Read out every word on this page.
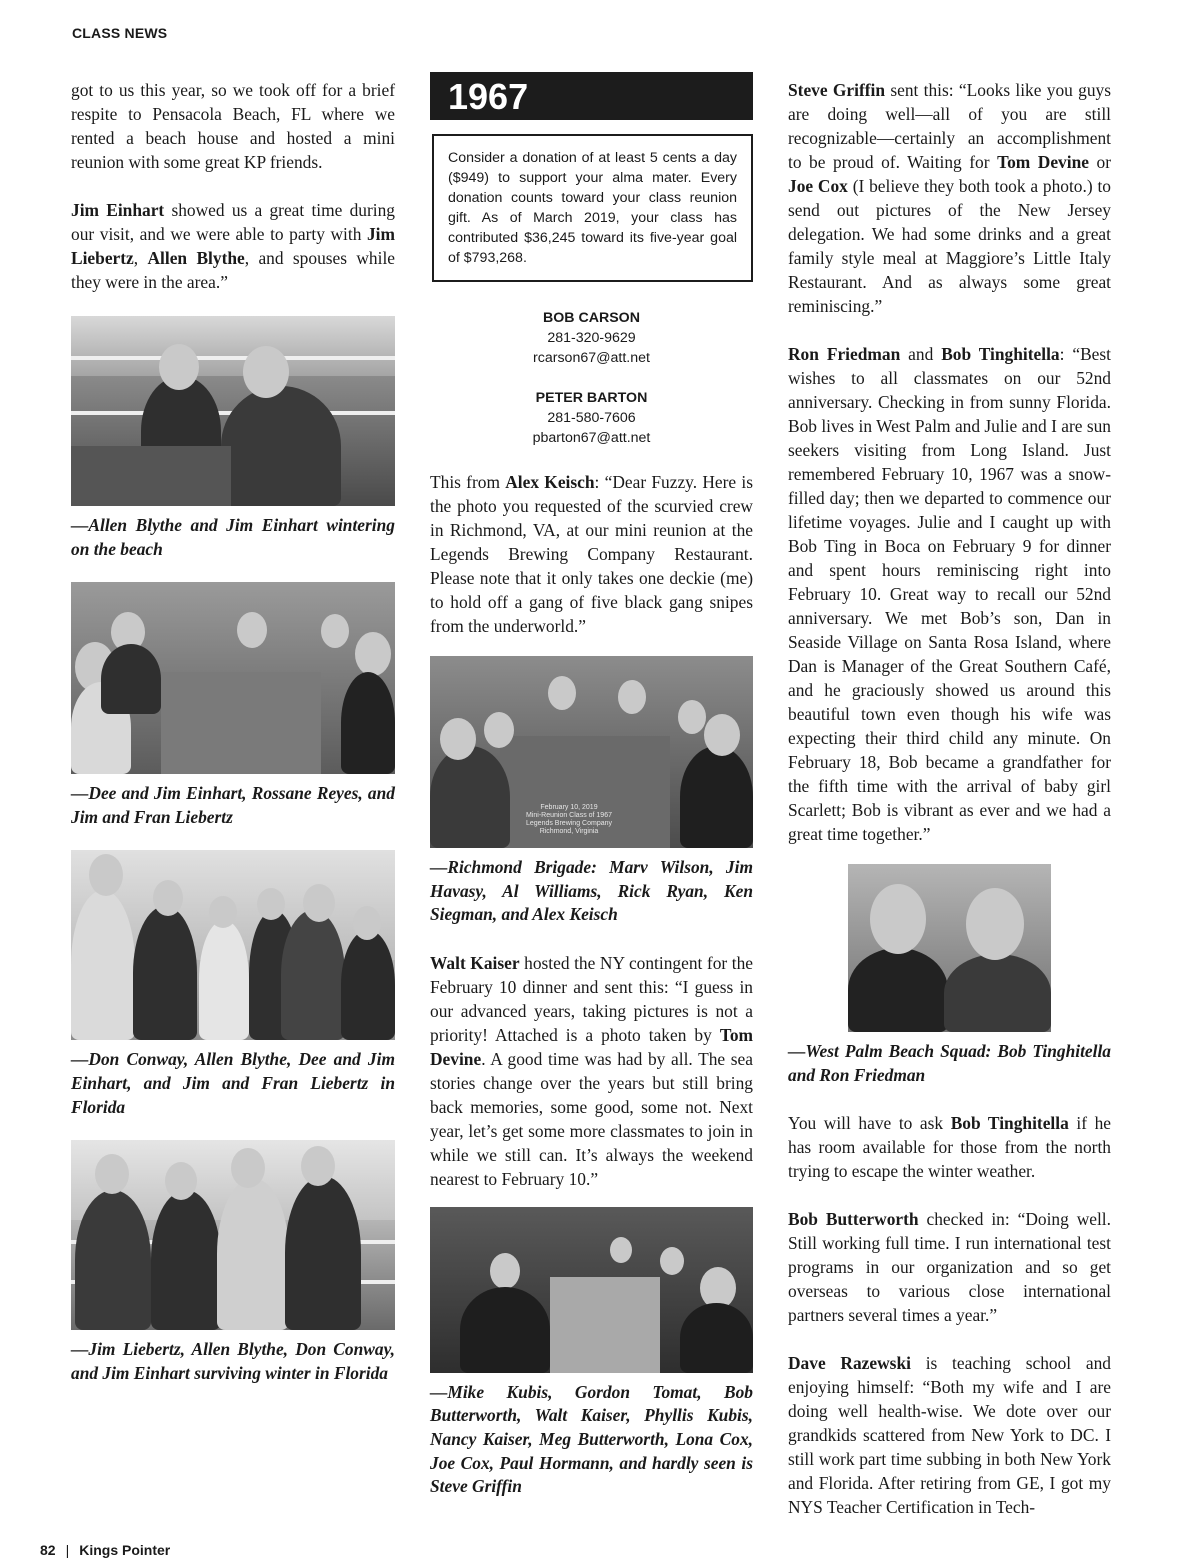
CLASS NEWS

got to us this year, so we took off for a brief respite to Pensacola Beach, FL where we rented a beach house and hosted a mini reunion with some great KP friends.

Jim Einhart showed us a great time during our visit, and we were able to party with Jim Liebertz, Allen Blythe, and spouses while they were in the area.”

—Allen Blythe and Jim Einhart wintering on the beach

—Dee and Jim Einhart, Rossane Reyes, and Jim and Fran Liebertz

—Don Conway, Allen Blythe, Dee and Jim Einhart, and Jim and Fran Liebertz in Florida

—Jim Liebertz, Allen Blythe, Don Conway, and Jim Einhart surviving winter in Florida

1967
Consider a donation of at least 5 cents a day ($949) to support your alma mater. Every donation counts toward your class reunion gift. As of March 2019, your class has contributed $36,245 toward its five-year goal of $793,268.
BOB CARSON
281-320-9629
rcarson67@att.net
PETER BARTON
281-580-7606
pbarton67@att.net

This from Alex Keisch: “Dear Fuzzy. Here is the photo you requested of the scurvied crew in Richmond, VA, at our mini reunion at the Legends Brewing Company Restaurant. Please note that it only takes one deckie (me) to hold off a gang of five black gang snipes from the underworld.”

February 10, 2019
Mini-Reunion Class of 1967
Legends Brewing Company
Richmond, Virginia

—Richmond Brigade: Marv Wilson, Jim Havasy, Al Williams, Rick Ryan, Ken Siegman, and Alex Keisch

Walt Kaiser hosted the NY contingent for the February 10 dinner and sent this: “I guess in our advanced years, taking pictures is not a priority! Attached is a photo taken by Tom Devine. A good time was had by all. The sea stories change over the years but still bring back memories, some good, some not. Next year, let’s get some more classmates to join in while we still can. It’s always the weekend nearest to February 10.”

—Mike Kubis, Gordon Tomat, Bob Butterworth, Walt Kaiser, Phyllis Kubis, Nancy Kaiser, Meg Butterworth, Lona Cox, Joe Cox, Paul Hormann, and hardly seen is Steve Griffin

Steve Griffin sent this: “Looks like you guys are doing well—all of you are still recognizable—certainly an accomplishment to be proud of. Waiting for Tom Devine or Joe Cox (I believe they both took a photo.) to send out pictures of the New Jersey delegation. We had some drinks and a great family style meal at Maggiore’s Little Italy Restaurant. And as always some great reminiscing.”

Ron Friedman and Bob Tinghitella: “Best wishes to all classmates on our 52nd anniversary. Checking in from sunny Florida. Bob lives in West Palm and Julie and I are sun seekers visiting from Long Island. Just remembered February 10, 1967 was a snow-filled day; then we departed to commence our lifetime voyages. Julie and I caught up with Bob Ting in Boca on February 9 for dinner and spent hours reminiscing right into February 10. Great way to recall our 52nd anniversary. We met Bob’s son, Dan in Seaside Village on Santa Rosa Island, where Dan is Manager of the Great Southern Café, and he graciously showed us around this beautiful town even though his wife was expecting their third child any minute. On February 18, Bob became a grandfather for the fifth time with the arrival of baby girl Scarlett; Bob is vibrant as ever and we had a great time together.”

—West Palm Beach Squad: Bob Tinghitella and Ron Friedman

You will have to ask Bob Tinghitella if he has room available for those from the north trying to escape the winter weather.

Bob Butterworth checked in: “Doing well. Still working full time. I run international test programs in our organization and so get overseas to various close international partners several times a year.”

Dave Razewski is teaching school and enjoying himself: “Both my wife and I are doing well health-wise. We dote over our grandkids scattered from New York to DC. I still work part time subbing in both New York and Florida. After retiring from GE, I got my NYS Teacher Certification in Tech-

82 | Kings Pointer
